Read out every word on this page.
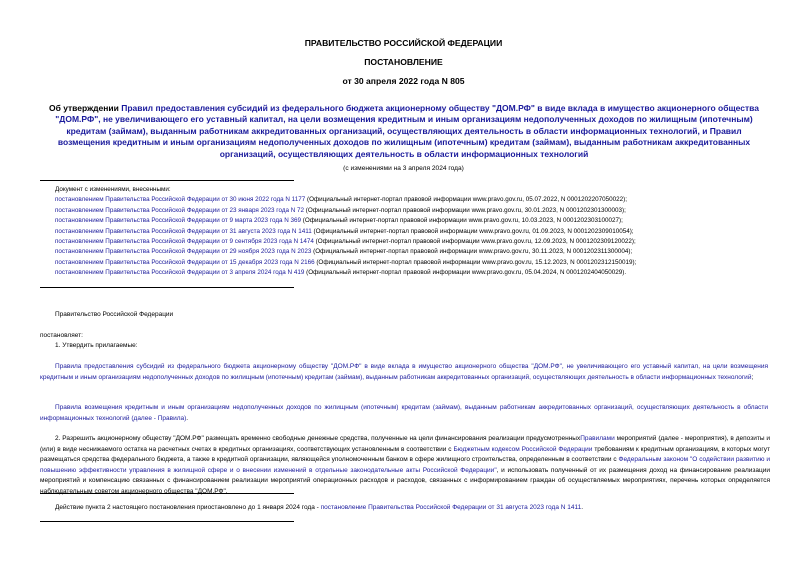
ПРАВИТЕЛЬСТВО РОССИЙСКОЙ ФЕДЕРАЦИИ
ПОСТАНОВЛЕНИЕ
от 30 апреля 2022 года N 805
Об утверждении Правил предоставления субсидий из федерального бюджета акционерному обществу "ДОМ.РФ" в виде вклада в имущество акционерного общества "ДОМ.РФ", не увеличивающего его уставный капитал, на цели возмещения кредитным и иным организациям недополученных доходов по жилищным (ипотечным) кредитам (займам), выданным работникам аккредитованных организаций, осуществляющих деятельность в области информационных технологий, и Правил возмещения кредитным и иным организациям недополученных доходов по жилищным (ипотечным) кредитам (займам), выданным работникам аккредитованных организаций, осуществляющих деятельность в области информационных технологий
(с изменениями на 3 апреля 2024 года)
Документ с изменениями, внесенными:
постановлением Правительства Российской Федерации от 30 июня 2022 года N 1177 (Официальный интернет-портал правовой информации www.pravo.gov.ru, 05.07.2022, N 0001202207050022);
постановлением Правительства Российской Федерации от 23 января 2023 года N 72 (Официальный интернет-портал правовой информации www.pravo.gov.ru, 30.01.2023, N 0001202301300003);
постановлением Правительства Российской Федерации от 9 марта 2023 года N 369 (Официальный интернет-портал правовой информации www.pravo.gov.ru, 10.03.2023, N 0001202303100027);
постановлением Правительства Российской Федерации от 31 августа 2023 года N 1411 (Официальный интернет-портал правовой информации www.pravo.gov.ru, 01.09.2023, N 0001202309010054);
постановлением Правительства Российской Федерации от 9 сентября 2023 года N 1474 (Официальный интернет-портал правовой информации www.pravo.gov.ru, 12.09.2023, N 0001202309120022);
постановлением Правительства Российской Федерации от 29 ноября 2023 года N 2023 (Официальный интернет-портал правовой информации www.pravo.gov.ru, 30.11.2023, N 0001202311300004);
постановлением Правительства Российской Федерации от 15 декабря 2023 года N 2166 (Официальный интернет-портал правовой информации www.pravo.gov.ru, 15.12.2023, N 0001202312150019);
постановлением Правительства Российской Федерации от 3 апреля 2024 года N 419 (Официальный интернет-портал правовой информации www.pravo.gov.ru, 05.04.2024, N 0001202404050029).
Правительство Российской Федерации
постановляет:
1. Утвердить прилагаемые:
Правила предоставления субсидий из федерального бюджета акционерному обществу "ДОМ.РФ" в виде вклада в имущество акционерного общества "ДОМ.РФ", не увеличивающего его уставный капитал, на цели возмещения кредитным и иным организациям недополученных доходов по жилищным (ипотечным) кредитам (займам), выданным работникам аккредитованных организаций, осуществляющих деятельность в области информационных технологий;
Правила возмещения кредитным и иным организациям недополученных доходов по жилищным (ипотечным) кредитам (займам), выданным работникам аккредитованных организаций, осуществляющих деятельность в области информационных технологий (далее - Правила).
2. Разрешить акционерному обществу "ДОМ.РФ" размещать временно свободные денежные средства, полученные на цели финансирования реализации предусмотренныхПравилами мероприятий (далее - мероприятия), в депозиты и (или) в виде неснижаемого остатка на расчетных счетах в кредитных организациях, соответствующих установленным в соответствии с Бюджетным кодексом Российской Федерации требованиям к кредитным организациям, в которых могут размещаться средства федерального бюджета, а также в кредитной организации, являющейся уполномоченным банком в сфере жилищного строительства, определенным в соответствии с Федеральным законом "О содействии развитию и повышению эффективности управления в жилищной сфере и о внесении изменений в отдельные законодательные акты Российской Федерации", и использовать полученный от их размещения доход на финансирование реализации мероприятий и компенсацию связанных с финансированием реализации мероприятий операционных расходов и расходов, связанных с информированием граждан об осуществляемых мероприятиях, перечень которых определяется наблюдательным советом акционерного общества "ДОМ.РФ".
Действие пункта 2 настоящего постановления приостановлено до 1 января 2024 года - постановление Правительства Российской Федерации от 31 августа 2023 года N 1411.
